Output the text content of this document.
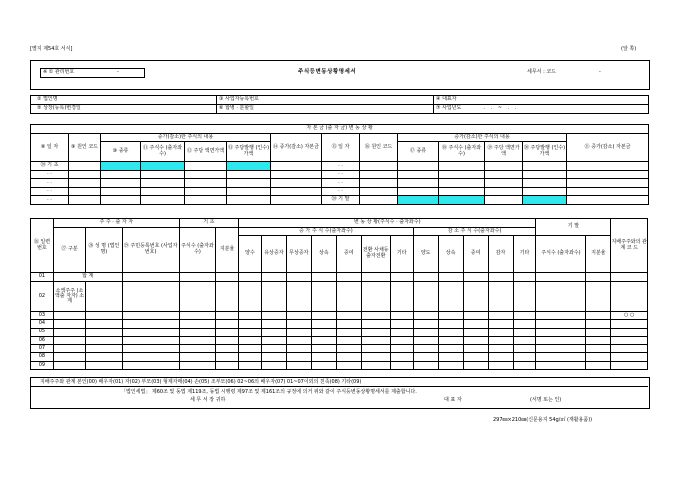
[별지 제54호 서식]	(앞 쪽)
※ ① 관리번호	-	주식등변동상황명세서	세무서 : 코드	-
② 법인명	③ 사업자등록번호	④ 대표자
⑤ 상장(등록)변경일	⑥ 합병 · 분할일	⑦ 사업년도 . . ~ . .
자 본 금 (출 자 금) 변 동 상 황													
⑧ 일 자	⑨ 원인 코드	증가(감소)한 주식의 내용				⑭ 증가(감소) 자본금	⑮ 일 자	⑯ 원인 코드	증가(감소)한 주식의 내용				㉑ 증가(감소) 자본금
		⑩ 종류	⑪ 주식수 (출자좌수)	⑫ 주당 액면가액	⑬ 주당발행 (인수)가액				⑰ 종류	⑱ 주식수 (출자좌수)	⑲ 주당 액면가액	⑳ 주당발행 (인수)가액	
⑳ 기 초							. .						
. .							. .						
. .							. .						
. .							. .						
. .							⑳ 기 말						
㉖ 일련 번호	주 주 · 출 자 자			기 초		변 동 상 황(주식수 · 출자좌수)												기 말		지배주주와의 관 계 코 드
	㉗ 구분	㉘ 성 명 (법인명)	㉙ 주민등록번호 (사업자번호)	주식수 (출자좌수)	지분율	증 가 주 식 수(출자좌수)							감 소 주 식 수(출자좌수)							
						양수	유상증자	무상증자	상속	증여	전환 사채등 출자전환	기타	양도	상속	증여	감자	기타	주식수 (출자좌수)	지분율	
01	합 계																			
02	소액주주 (소액출 자자) 소 계																			
03																				○ ○
04																				
05																				
06																				
07																				
08																				
09																				
지배주주와 관계 본인(00) 배우자(01) 자(02) 부모(03) 형제자매(04) 손(05) 조부모(06) 02~06의 배우자(07) 01~07이외의 친족(08) 기타(09)
「법인세법」 제60조 및 동법 제119조, 동법 시행령 제97조 및 제161조의 규정에 의거 위와 같이 주식등변동상황명세서를 제출합니다.
세 무 서 장 귀하	대 표 자	(서명 또는 인)
297㎜×210㎜(신문용지 54g/㎡ (재활용품))
